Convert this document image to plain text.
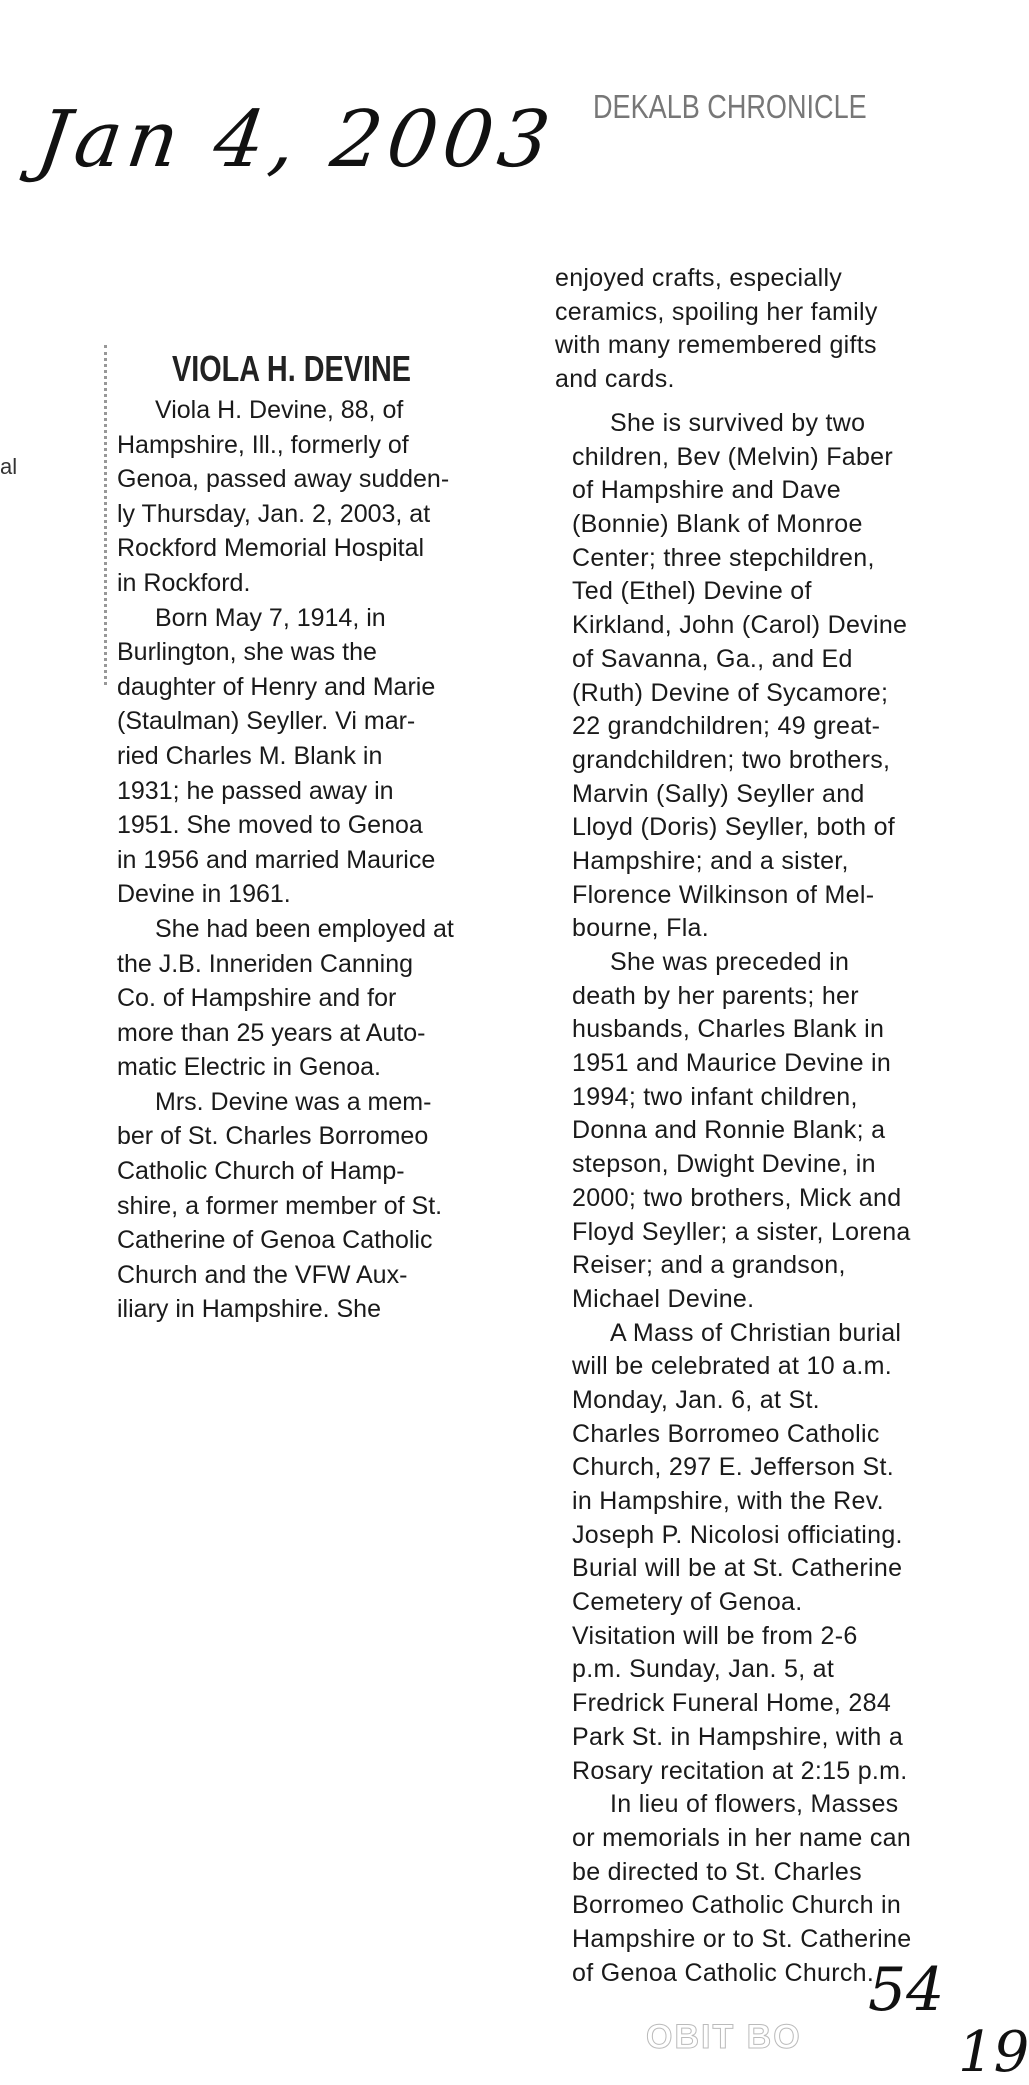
Jan 4, 2003 DEKALB CHRONICLE
al
VIOLA H. DEVINE
Viola H. Devine, 88, of
Hampshire, Ill., formerly of
Genoa, passed away sudden-
ly Thursday, Jan. 2, 2003, at
Rockford Memorial Hospital
in Rockford.
Born May 7, 1914, in
Burlington, she was the
daughter of Henry and Marie
(Staulman) Seyller. Vi mar-
ried Charles M. Blank in
1931; he passed away in
1951. She moved to Genoa
in 1956 and married Maurice
Devine in 1961.
She had been employed at
the J.B. Inneriden Canning
Co. of Hampshire and for
more than 25 years at Auto-
matic Electric in Genoa.
Mrs. Devine was a mem-
ber of St. Charles Borromeo
Catholic Church of Hamp-
shire, a former member of St.
Catherine of Genoa Catholic
Church and the VFW Aux-
iliary in Hampshire. She
enjoyed crafts, especially
ceramics, spoiling her family
with many remembered gifts
and cards.
She is survived by two
children, Bev (Melvin) Faber
of Hampshire and Dave
(Bonnie) Blank of Monroe
Center; three stepchildren,
Ted (Ethel) Devine of
Kirkland, John (Carol) Devine
of Savanna, Ga., and Ed
(Ruth) Devine of Sycamore;
22 grandchildren; 49 great-
grandchildren; two brothers,
Marvin (Sally) Seyller and
Lloyd (Doris) Seyller, both of
Hampshire; and a sister,
Florence Wilkinson of Mel-
bourne, Fla.
She was preceded in
death by her parents; her
husbands, Charles Blank in
1951 and Maurice Devine in
1994; two infant children,
Donna and Ronnie Blank; a
stepson, Dwight Devine, in
2000; two brothers, Mick and
Floyd Seyller; a sister, Lorena
Reiser; and a grandson,
Michael Devine.
A Mass of Christian burial
will be celebrated at 10 a.m.
Monday, Jan. 6, at St.
Charles Borromeo Catholic
Church, 297 E. Jefferson St.
in Hampshire, with the Rev.
Joseph P. Nicolosi officiating.
Burial will be at St. Catherine
Cemetery of Genoa.
Visitation will be from 2-6
p.m. Sunday, Jan. 5, at
Fredrick Funeral Home, 284
Park St. in Hampshire, with a
Rosary recitation at 2:15 p.m.
In lieu of flowers, Masses
or memorials in her name can
be directed to St. Charles
Borromeo Catholic Church in
Hampshire or to St. Catherine
of Genoa Catholic Church.
54
OBIT BO	19
